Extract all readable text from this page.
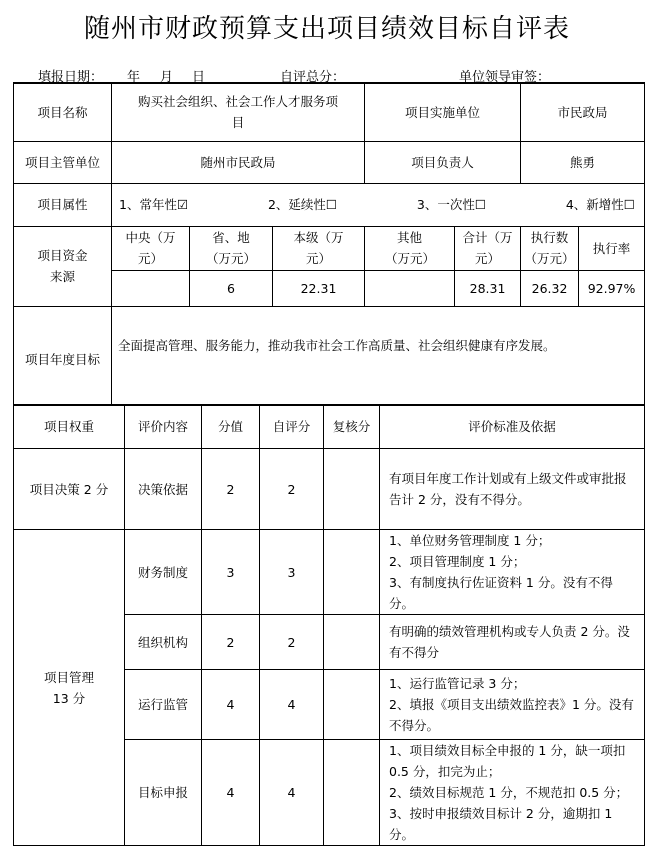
随州市财政预算支出项目绩效目标自评表
填报日期： 年 月 日	自评总分：	单位领导审签：
项目名称	购买社会组织、社会工作人才服务项目			项目实施单位		市民政局	
项目主管单位	随州市民政局			项目负责人		熊勇	
项目属性	1、常年性☑ 2、延续性☐ 3、一次性☐ 4、新增性☐						

项目资金来源	中央（万元）	省、地（万元）	本级（万元）	其他（万元）	合计（万元）	执行数（万元）	执行率
		6	22.31		28.31	26.32	92.97%
项目年度目标	全面提高管理、服务能力，推动我市社会工作高质量、社会组织健康有序发展。						
项目权重	评价内容	分值	自评分	复核分	评价标准及依据
项目决策 2 分	决策依据	2	2		有项目年度工作计划或有上级文件或审批报告计 2 分，没有不得分。

项目管理
13 分	财务制度	3	3		1、单位财务管理制度 1 分；
2、项目管理制度 1 分；
3、有制度执行佐证资料 1 分。没有不得分。

	组织机构	2	2		有明确的绩效管理机构或专人负责 2 分。没有不得分

	运行监管	4	4		1、运行监管记录 3 分；
2、填报《项目支出绩效监控表》1 分。没有不得分。

	目标申报	4	4		1、项目绩效目标全申报的 1 分，缺一项扣 0.5 分，扣完为止；
2、绩效目标规范 1 分，不规范扣 0.5 分；
3、按时申报绩效目标计 2 分，逾期扣 1 分。
